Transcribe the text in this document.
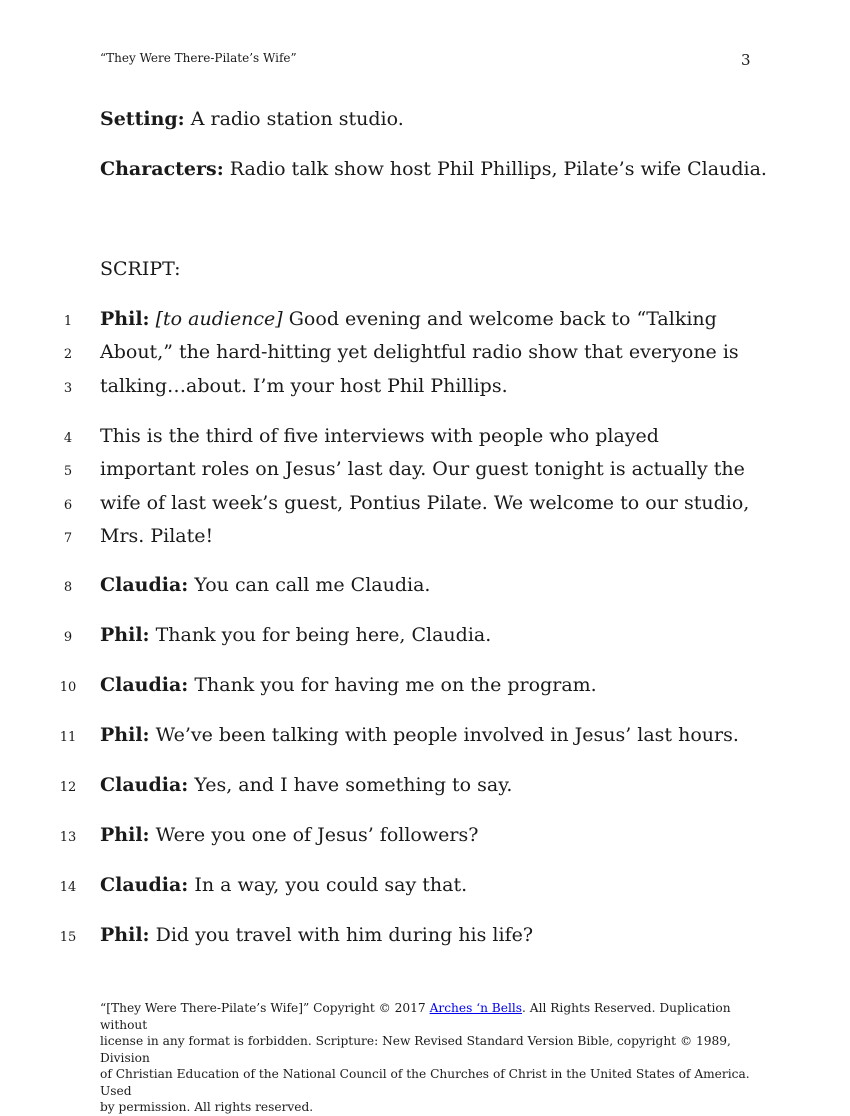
“They Were There-Pilate’s Wife”	3
Setting: A radio station studio.
Characters: Radio talk show host Phil Phillips, Pilate’s wife Claudia.
SCRIPT:
1
2
3
4
5
6
7
8
9
10
11
12
13
14
15
Phil: [to audience] Good evening and welcome back to “Talking
About,” the hard-hitting yet delightful radio show that everyone is
talking…about. I’m your host Phil Phillips.
This is the third of five interviews with people who played
important roles on Jesus’ last day. Our guest tonight is actually the
wife of last week’s guest, Pontius Pilate. We welcome to our studio,
Mrs. Pilate!
Claudia: You can call me Claudia.
Phil: Thank you for being here, Claudia.
Claudia: Thank you for having me on the program.
Phil: We’ve been talking with people involved in Jesus’ last hours.
Claudia: Yes, and I have something to say.
Phil: Were you one of Jesus’ followers?
Claudia: In a way, you could say that.
Phil: Did you travel with him during his life?
“[They Were There-Pilate’s Wife]” Copyright © 2017 Arches ‘n Bells. All Rights Reserved. Duplication without
license in any format is forbidden. Scripture: New Revised Standard Version Bible, copyright © 1989, Division
of Christian Education of the National Council of the Churches of Christ in the United States of America. Used
by permission. All rights reserved.
